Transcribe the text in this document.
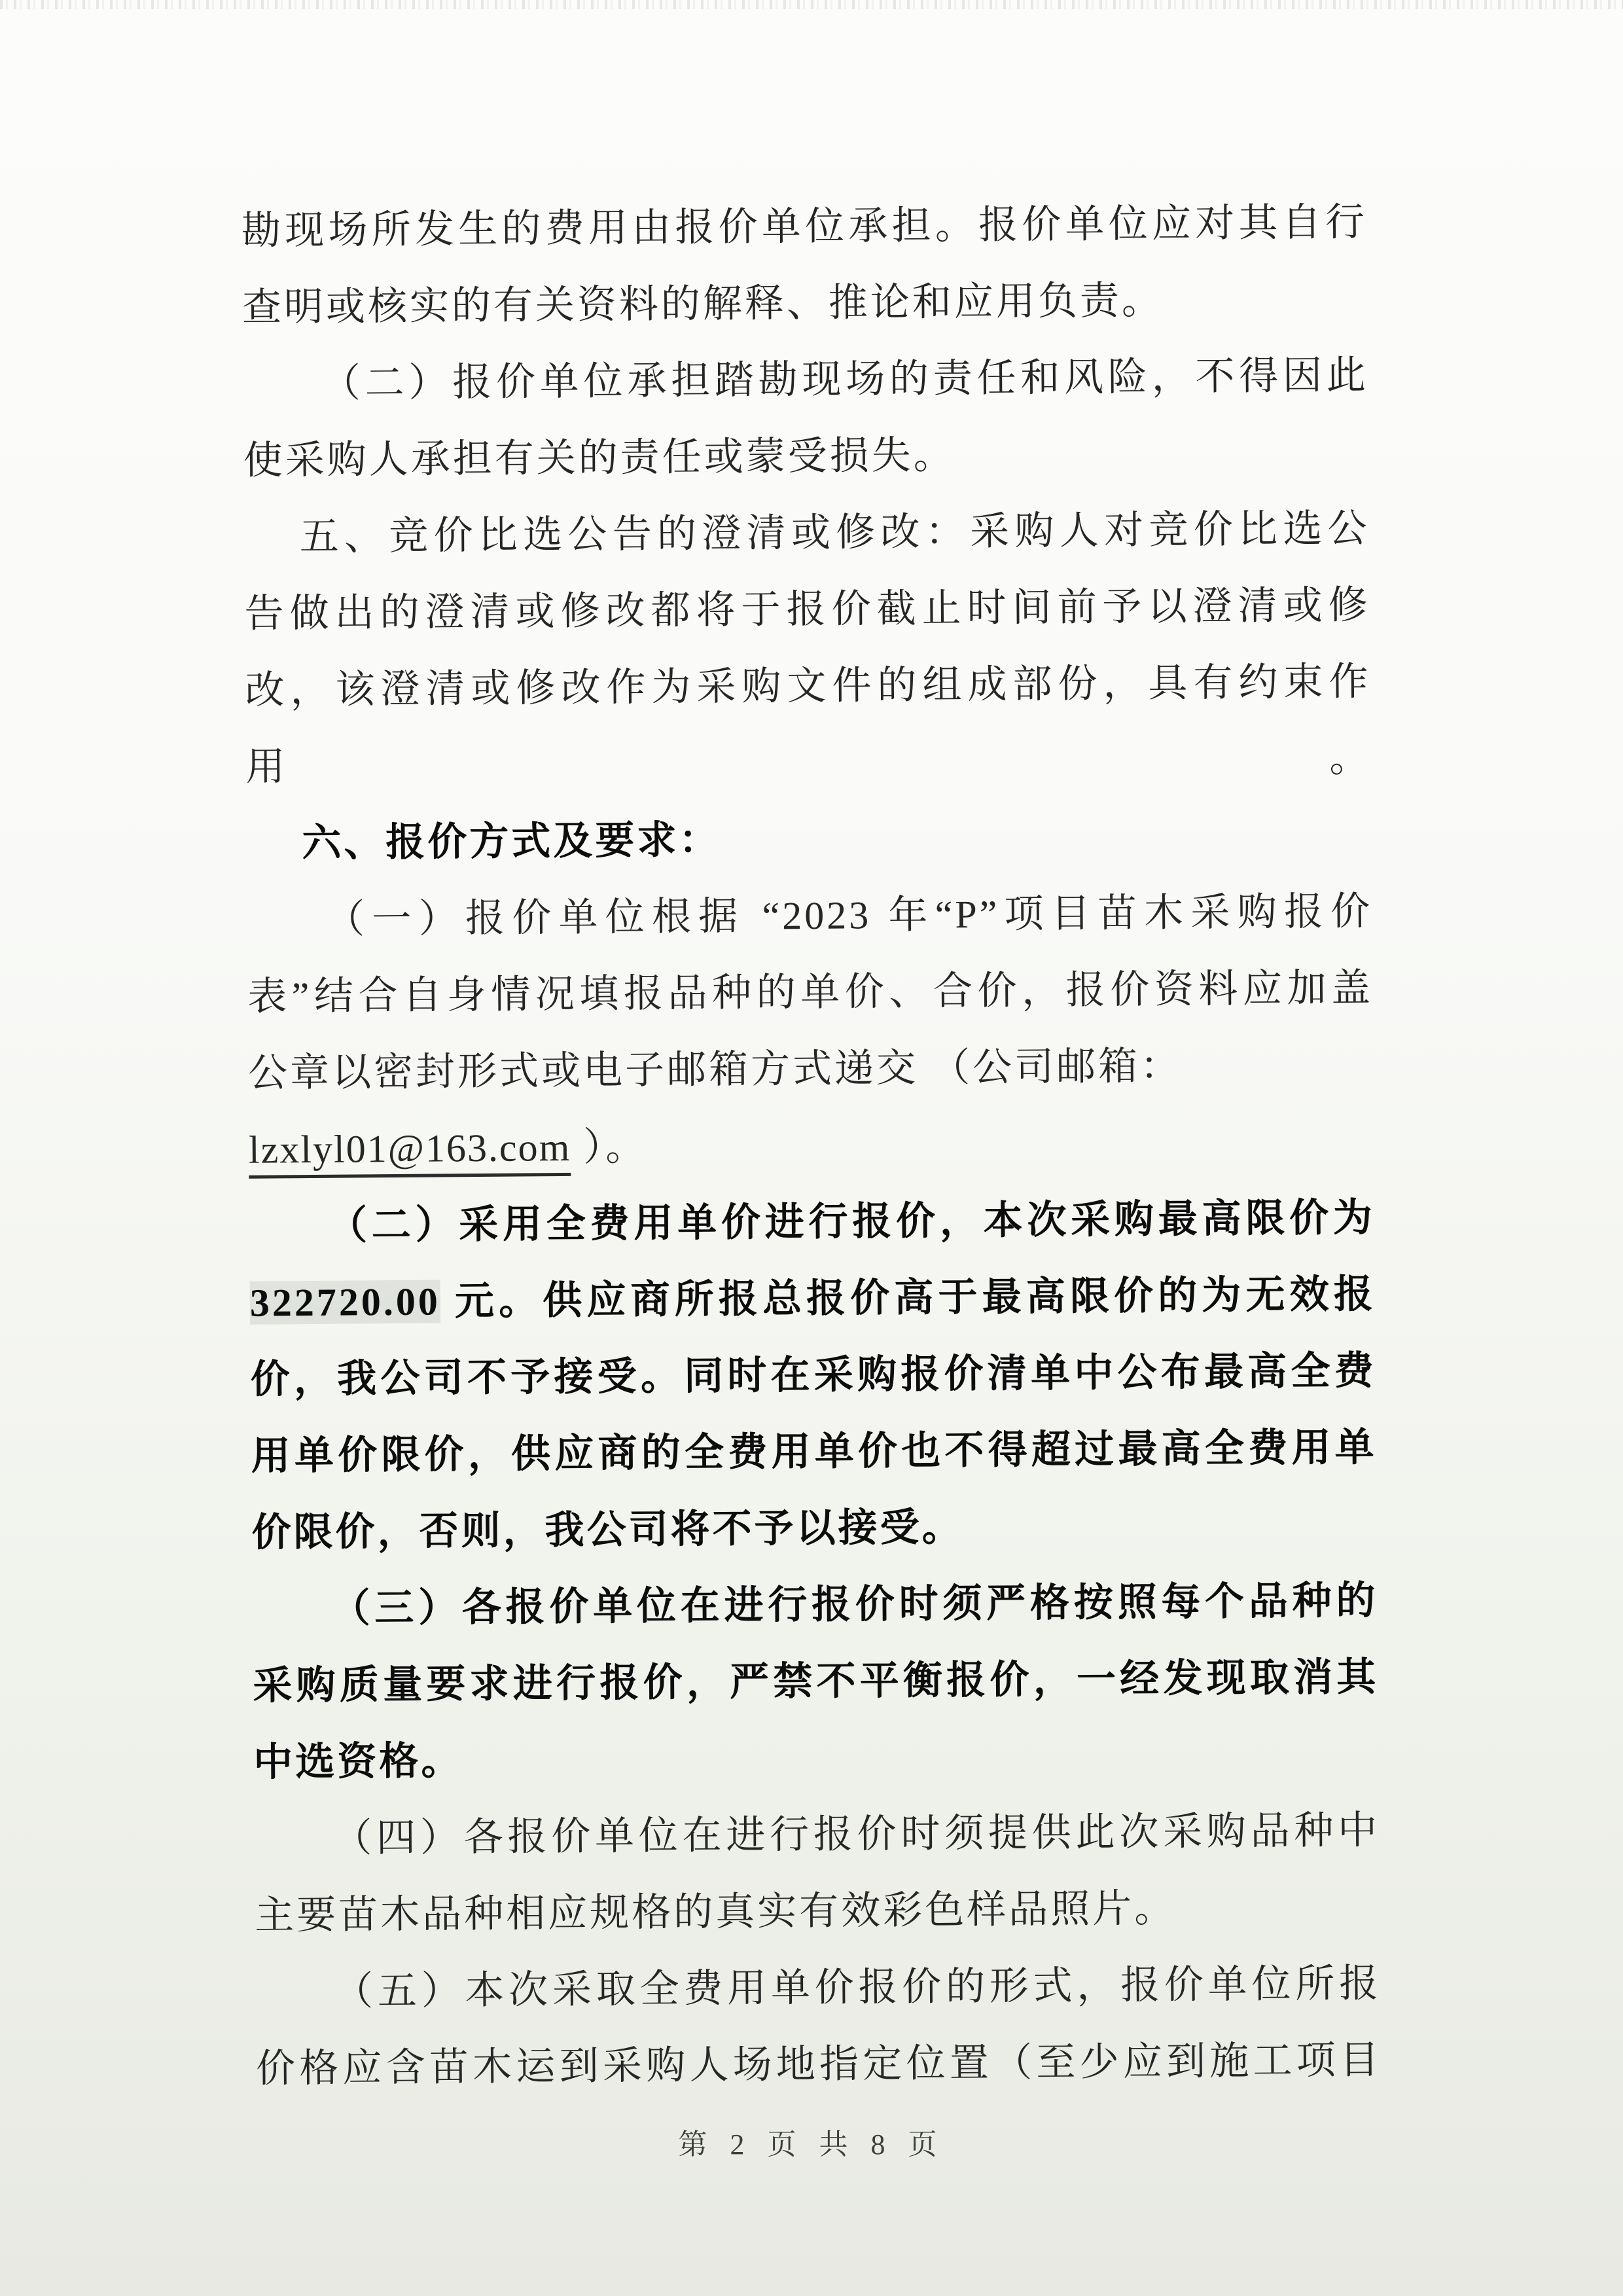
勘现场所发生的费用由报价单位承担。报价单位应对其自行
查明或核实的有关资料的解释、推论和应用负责。
（二）报价单位承担踏勘现场的责任和风险，不得因此
使采购人承担有关的责任或蒙受损失。
五、竞价比选公告的澄清或修改：采购人对竞价比选公
告做出的澄清或修改都将于报价截止时间前予以澄清或修
改，该澄清或修改作为采购文件的组成部份，具有约束作用。
六、报价方式及要求：
（一）报价单位根据 “2023 年“P”项目苗木采购报价
表”结合自身情况填报品种的单价、合价，报价资料应加盖
公章以密封形式或电子邮箱方式递交 （公司邮箱：
lzxlyl01@163.com ）。
（二）采用全费用单价进行报价，本次采购最高限价为
322720.00 元。供应商所报总报价高于最高限价的为无效报
价，我公司不予接受。同时在采购报价清单中公布最高全费
用单价限价，供应商的全费用单价也不得超过最高全费用单
价限价，否则，我公司将不予以接受。
（三）各报价单位在进行报价时须严格按照每个品种的
采购质量要求进行报价，严禁不平衡报价，一经发现取消其
中选资格。
（四）各报价单位在进行报价时须提供此次采购品种中
主要苗木品种相应规格的真实有效彩色样品照片。
（五）本次采取全费用单价报价的形式，报价单位所报
价格应含苗木运到采购人场地指定位置（至少应到施工项目
第 2 页 共 8 页
